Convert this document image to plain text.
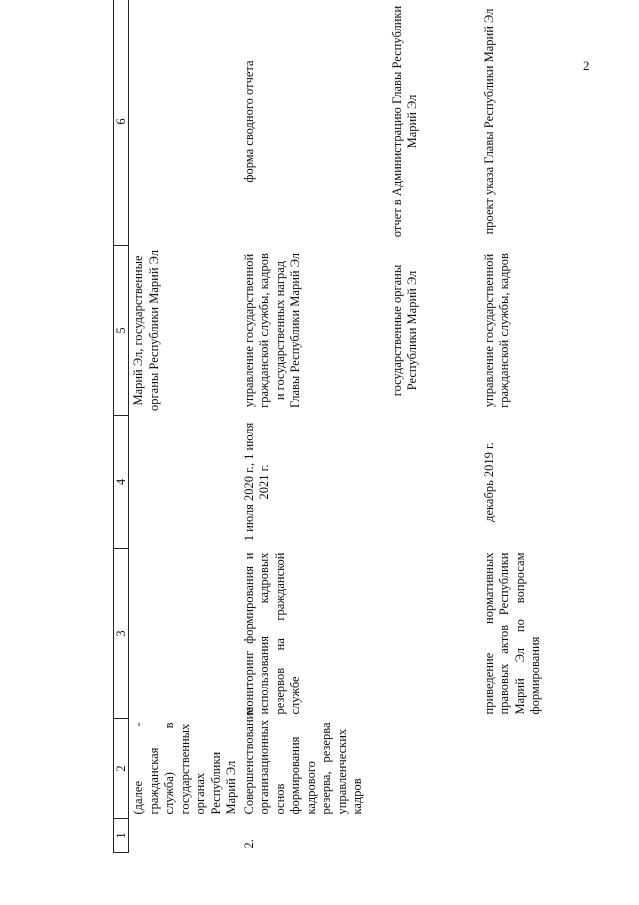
2
1	2	3	4	5	6
	(далее - гражданская служба) в государственных органах Республики Марий Эл			Марий Эл, государственные органы Республики Марий Эл	
2.	Совершенствование организационных основ формирования кадрового резерва, резерва управленческих кадров	мониторинг формирования и использования кадровых резервов на гражданской службе	1 июля 2020 г., 1 июля 2021 г.	управление государственной гражданской службы, кадров и государственных наград Главы Республики Марий Эл	форма сводного отчета
				государственные органы Республики Марий Эл	отчет в Администрацию Главы Республики Марий Эл
		приведение нормативных правовых актов Республики Марий Эл по вопросам формирования	декабрь 2019 г.	управление государственной гражданской службы, кадров	проект указа Главы Республики Марий Эл
